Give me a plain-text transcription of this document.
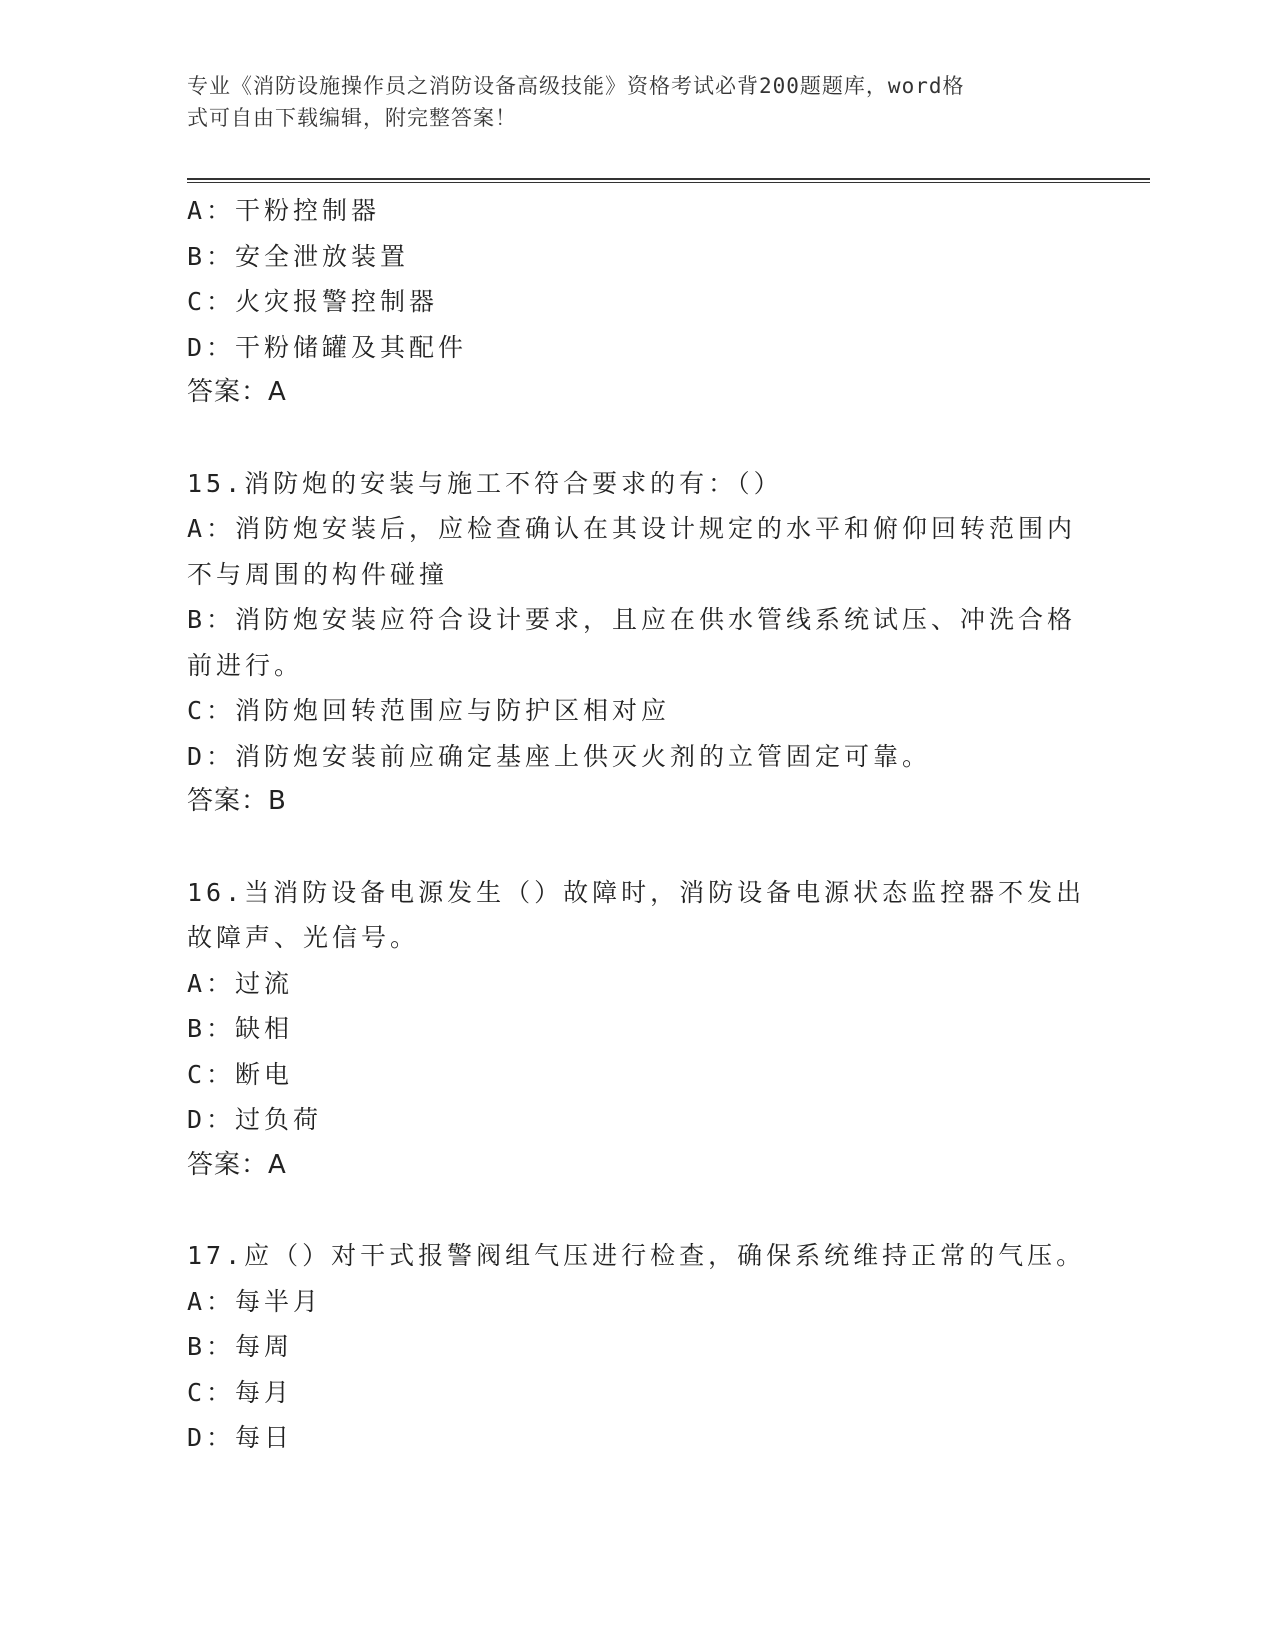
专业《消防设施操作员之消防设备高级技能》资格考试必背200题题库，word格
式可自由下载编辑，附完整答案！
A：干粉控制器
B：安全泄放装置
C：火灾报警控制器
D：干粉储罐及其配件
答案：A
15.消防炮的安装与施工不符合要求的有：（）
A：消防炮安装后，应检查确认在其设计规定的水平和俯仰回转范围内
不与周围的构件碰撞
B：消防炮安装应符合设计要求，且应在供水管线系统试压、冲洗合格
前进行。
C：消防炮回转范围应与防护区相对应
D：消防炮安装前应确定基座上供灭火剂的立管固定可靠。
答案：B
16.当消防设备电源发生（）故障时，消防设备电源状态监控器不发出
故障声、光信号。
A：过流
B：缺相
C：断电
D：过负荷
答案：A
17.应（）对干式报警阀组气压进行检查，确保系统维持正常的气压。
A：每半月
B：每周
C：每月
D：每日
